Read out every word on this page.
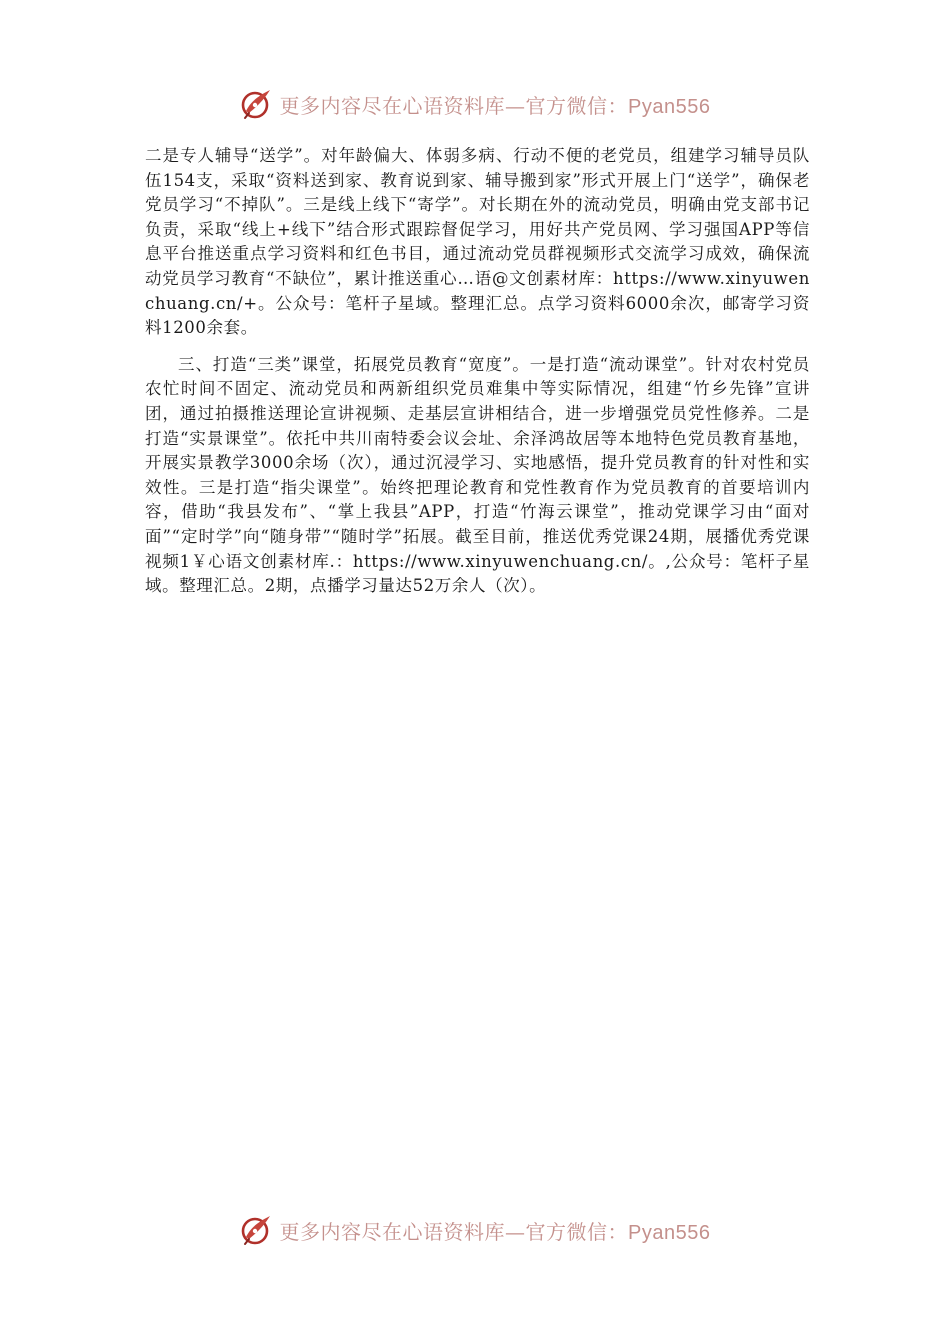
更多内容尽在心语资料库—官方微信：Pyan556

二是专人辅导“送学”。对年龄偏大、体弱多病、行动不便的老党员，组建学习辅导员队伍154支，采取“资料送到家、教育说到家、辅导搬到家”形式开展上门“送学”，确保老党员学习“不掉队”。三是线上线下“寄学”。对长期在外的流动党员，明确由党支部书记负责，采取“线上+线下”结合形式跟踪督促学习，用好共产党员网、学习强国APP等信息平台推送重点学习资料和红色书目，通过流动党员群视频形式交流学习成效，确保流动党员学习教育“不缺位”，累计推送重心…语@文创素材库：https://www.xinyuwenchuang.cn/+。公众号：笔杆子星域。整理汇总。点学习资料6000余次，邮寄学习资料1200余套。

三、打造“三类”课堂，拓展党员教育“宽度”。一是打造“流动课堂”。针对农村党员农忙时间不固定、流动党员和两新组织党员难集中等实际情况，组建“竹乡先锋”宣讲团，通过拍摄推送理论宣讲视频、走基层宣讲相结合，进一步增强党员党性修养。二是打造“实景课堂”。依托中共川南特委会议会址、余泽鸿故居等本地特色党员教育基地，开展实景教学3000余场（次），通过沉浸学习、实地感悟，提升党员教育的针对性和实效性。三是打造“指尖课堂”。始终把理论教育和党性教育作为党员教育的首要培训内容，借助“我县发布”、“掌上我县”APP，打造“竹海云课堂”，推动党课学习由“面对面”“定时学”向“随身带”“随时学”拓展。截至目前，推送优秀党课24期，展播优秀党课视频1￥心语文创素材库.：https://www.xinyuwenchuang.cn/。,公众号：笔杆子星域。整理汇总。2期，点播学习量达52万余人（次）。

更多内容尽在心语资料库—官方微信：Pyan556
